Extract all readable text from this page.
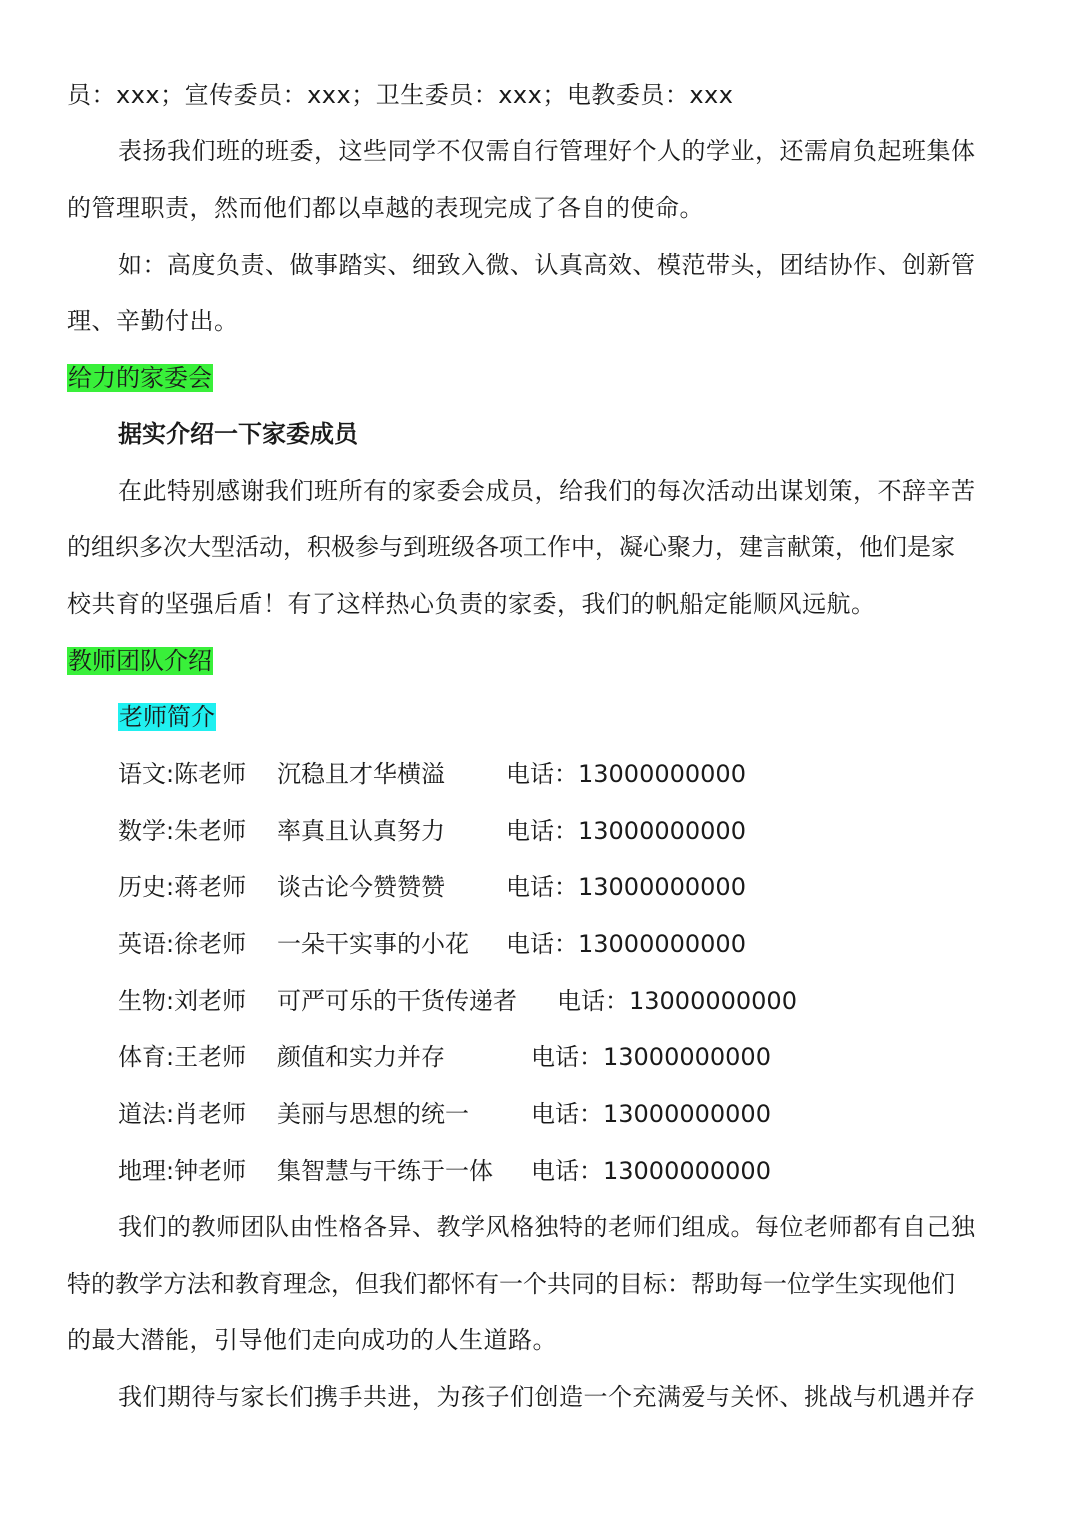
员：xxx；宣传委员：xxx；卫生委员：xxx；电教委员：xxx
表扬我们班的班委，这些同学不仅需自行管理好个人的学业，还需肩负起班集体
的管理职责，然而他们都以卓越的表现完成了各自的使命。
如：高度负责、做事踏实、细致入微、认真高效、模范带头，团结协作、创新管
理、辛勤付出。
给力的家委会
据实介绍一下家委成员
在此特别感谢我们班所有的家委会成员，给我们的每次活动出谋划策，不辞辛苦
的组织多次大型活动，积极参与到班级各项工作中，凝心聚力，建言献策，他们是家
校共育的坚强后盾！有了这样热心负责的家委，我们的帆船定能顺风远航。
教师团队介绍
老师简介
语文:陈老师 沉稳且才华横溢	电话：13000000000
数学:朱老师 率真且认真努力	电话：13000000000
历史:蒋老师 谈古论今赞赞赞	电话：13000000000
英语:徐老师 一朵干实事的小花 电话：13000000000
生物:刘老师 可严可乐的干货传递者 电话：13000000000
体育:王老师 颜值和实力并存	电话：13000000000
道法:肖老师 美丽与思想的统一	电话：13000000000
地理:钟老师 集智慧与干练于一体 电话：13000000000
我们的教师团队由性格各异、教学风格独特的老师们组成。每位老师都有自己独
特的教学方法和教育理念，但我们都怀有一个共同的目标：帮助每一位学生实现他们
的最大潜能，引导他们走向成功的人生道路。
我们期待与家长们携手共进，为孩子们创造一个充满爱与关怀、挑战与机遇并存
